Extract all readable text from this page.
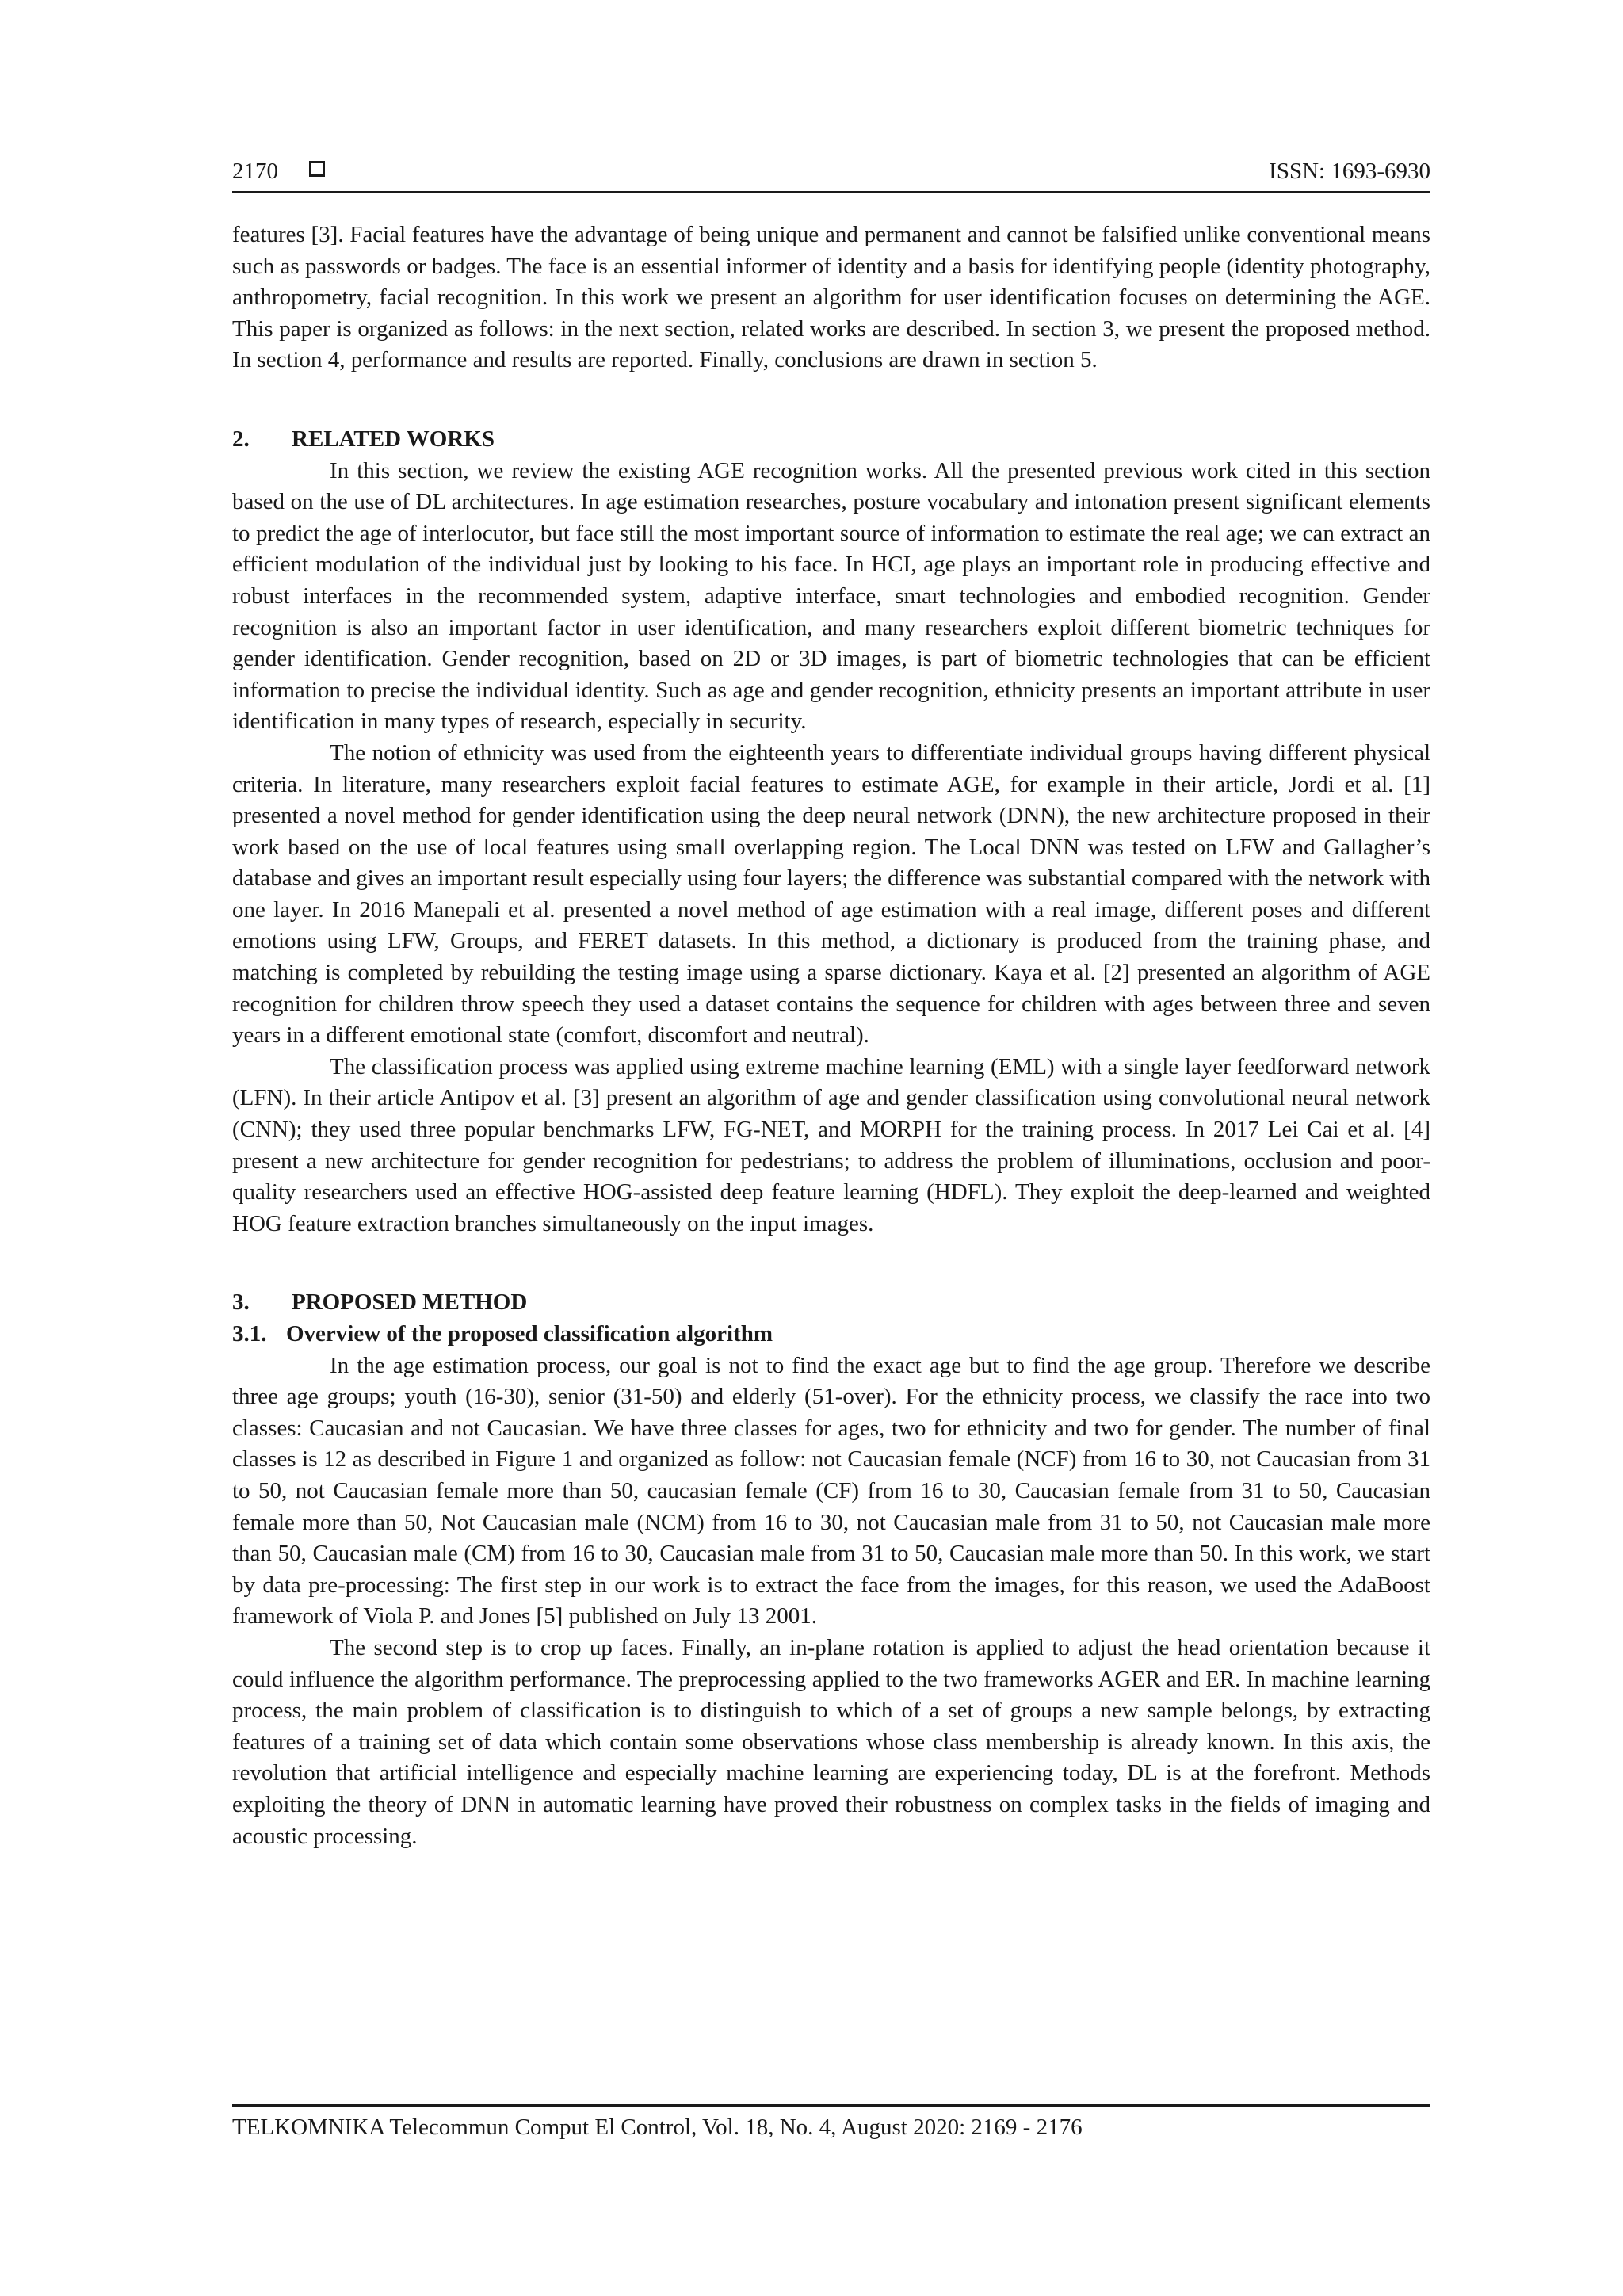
2170	ISSN: 1693-6930

features [3]. Facial features have the advantage of being unique and permanent and cannot be falsified unlike conventional means such as passwords or badges. The face is an essential informer of identity and a basis for identifying people (identity photography, anthropometry, facial recognition. In this work we present an algorithm for user identification focuses on determining the AGE. This paper is organized as follows: in the next section, related works are described. In section 3, we present the proposed method. In section 4, performance and results are reported. Finally, conclusions are drawn in section 5.

2. RELATED WORKS

In this section, we review the existing AGE recognition works. All the presented previous work cited in this section based on the use of DL architectures. In age estimation researches, posture vocabulary and intonation present significant elements to predict the age of interlocutor, but face still the most important source of information to estimate the real age; we can extract an efficient modulation of the individual just by looking to his face. In HCI, age plays an important role in producing effective and robust interfaces in the recommended system, adaptive interface, smart technologies and embodied recognition. Gender recognition is also an important factor in user identification, and many researchers exploit different biometric techniques for gender identification. Gender recognition, based on 2D or 3D images, is part of biometric technologies that can be efficient information to precise the individual identity. Such as age and gender recognition, ethnicity presents an important attribute in user identification in many types of research, especially in security.

The notion of ethnicity was used from the eighteenth years to differentiate individual groups having different physical criteria. In literature, many researchers exploit facial features to estimate AGE, for example in their article, Jordi et al. [1] presented a novel method for gender identification using the deep neural network (DNN), the new architecture proposed in their work based on the use of local features using small overlapping region. The Local DNN was tested on LFW and Gallagher’s database and gives an important result especially using four layers; the difference was substantial compared with the network with one layer. In 2016 Manepali et al. presented a novel method of age estimation with a real image, different poses and different emotions using LFW, Groups, and FERET datasets. In this method, a dictionary is produced from the training phase, and matching is completed by rebuilding the testing image using a sparse dictionary. Kaya et al. [2] presented an algorithm of AGE recognition for children throw speech they used a dataset contains the sequence for children with ages between three and seven years in a different emotional state (comfort, discomfort and neutral).

The classification process was applied using extreme machine learning (EML) with a single layer feedforward network (LFN). In their article Antipov et al. [3] present an algorithm of age and gender classification using convolutional neural network (CNN); they used three popular benchmarks LFW, FG-NET, and MORPH for the training process. In 2017 Lei Cai et al. [4] present a new architecture for gender recognition for pedestrians; to address the problem of illuminations, occlusion and poor-quality researchers used an effective HOG-assisted deep feature learning (HDFL). They exploit the deep-learned and weighted HOG feature extraction branches simultaneously on the input images.

3. PROPOSED METHOD
3.1. Overview of the proposed classification algorithm

In the age estimation process, our goal is not to find the exact age but to find the age group. Therefore we describe three age groups; youth (16-30), senior (31-50) and elderly (51-over). For the ethnicity process, we classify the race into two classes: Caucasian and not Caucasian. We have three classes for ages, two for ethnicity and two for gender. The number of final classes is 12 as described in Figure 1 and organized as follow: not Caucasian female (NCF) from 16 to 30, not Caucasian from 31 to 50, not Caucasian female more than 50, caucasian female (CF) from 16 to 30, Caucasian female from 31 to 50, Caucasian female more than 50, Not Caucasian male (NCM) from 16 to 30, not Caucasian male from 31 to 50, not Caucasian male more than 50, Caucasian male (CM) from 16 to 30, Caucasian male from 31 to 50, Caucasian male more than 50. In this work, we start by data pre-processing: The first step in our work is to extract the face from the images, for this reason, we used the AdaBoost framework of Viola P. and Jones [5] published on July 13 2001.

The second step is to crop up faces. Finally, an in-plane rotation is applied to adjust the head orientation because it could influence the algorithm performance. The preprocessing applied to the two frameworks AGER and ER. In machine learning process, the main problem of classification is to distinguish to which of a set of groups a new sample belongs, by extracting features of a training set of data which contain some observations whose class membership is already known. In this axis, the revolution that artificial intelligence and especially machine learning are experiencing today, DL is at the forefront. Methods exploiting the theory of DNN in automatic learning have proved their robustness on complex tasks in the fields of imaging and acoustic processing.

TELKOMNIKA Telecommun Comput El Control, Vol. 18, No. 4, August 2020: 2169 - 2176
